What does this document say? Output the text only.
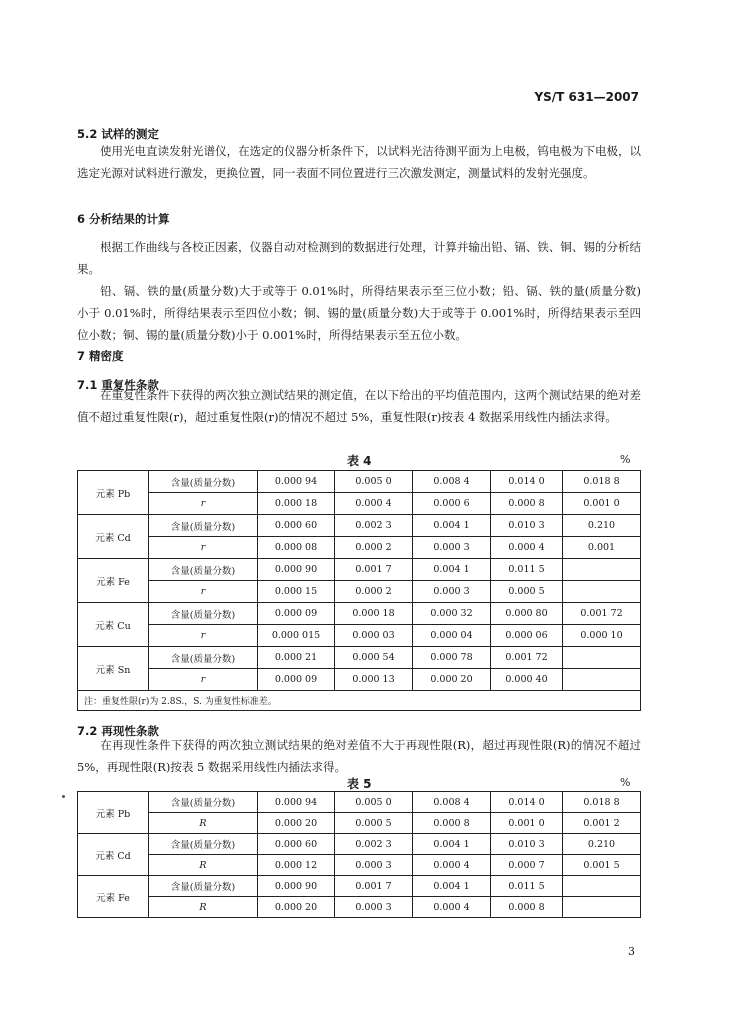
YS/T 631—2007
5.2 试样的测定

使用光电直读发射光谱仪，在选定的仪器分析条件下，以试料光洁待测平面为上电极，钨电极为下电极，以选定光源对试料进行激发，更换位置，同一表面不同位置进行三次激发测定，测量试料的发射光强度。

6 分析结果的计算

根据工作曲线与各校正因素，仪器自动对检测到的数据进行处理，计算并输出铅、镉、铁、铜、锡的分析结果。

铅、镉、铁的量(质量分数)大于或等于 0.01%时，所得结果表示至三位小数；铅、镉、铁的量(质量分数)小于 0.01%时，所得结果表示至四位小数；铜、锡的量(质量分数)大于或等于 0.001%时，所得结果表示至四位小数；铜、锡的量(质量分数)小于 0.001%时，所得结果表示至五位小数。

7 精密度
7.1 重复性条款

在重复性条件下获得的两次独立测试结果的测定值，在以下给出的平均值范围内，这两个测试结果的绝对差值不超过重复性限(r)，超过重复性限(r)的情况不超过 5%，重复性限(r)按表 4 数据采用线性内插法求得。

表 4	%
元素 Pb	含量(质量分数)	0.000 94	0.005 0	0.008 4	0.014 0	0.018 8
	r	0.000 18	0.000 4	0.000 6	0.000 8	0.001 0
元素 Cd	含量(质量分数)	0.000 60	0.002 3	0.004 1	0.010 3	0.210
	r	0.000 08	0.000 2	0.000 3	0.000 4	0.001
元素 Fe	含量(质量分数)	0.000 90	0.001 7	0.004 1	0.011 5	
	r	0.000 15	0.000 2	0.000 3	0.000 5	
元素 Cu	含量(质量分数)	0.000 09	0.000 18	0.000 32	0.000 80	0.001 72
	r	0.000 015	0.000 03	0.000 04	0.000 06	0.000 10
元素 Sn	含量(质量分数)	0.000 21	0.000 54	0.000 78	0.001 72	
	r	0.000 09	0.000 13	0.000 20	0.000 40	
注：重复性限(r)为 2.8S.，S. 为重复性标准差。						
7.2 再现性条款

在再现性条件下获得的两次独立测试结果的绝对差值不大于再现性限(R)，超过再现性限(R)的情况不超过 5%，再现性限(R)按表 5 数据采用线性内插法求得。

表 5	%
元素 Pb	含量(质量分数)	0.000 94	0.005 0	0.008 4	0.014 0	0.018 8
	R	0.000 20	0.000 5	0.000 8	0.001 0	0.001 2
元素 Cd	含量(质量分数)	0.000 60	0.002 3	0.004 1	0.010 3	0.210
	R	0.000 12	0.000 3	0.000 4	0.000 7	0.001 5
元素 Fe	含量(质量分数)	0.000 90	0.001 7	0.004 1	0.011 5	
	R	0.000 20	0.000 3	0.000 4	0.000 8	
3
